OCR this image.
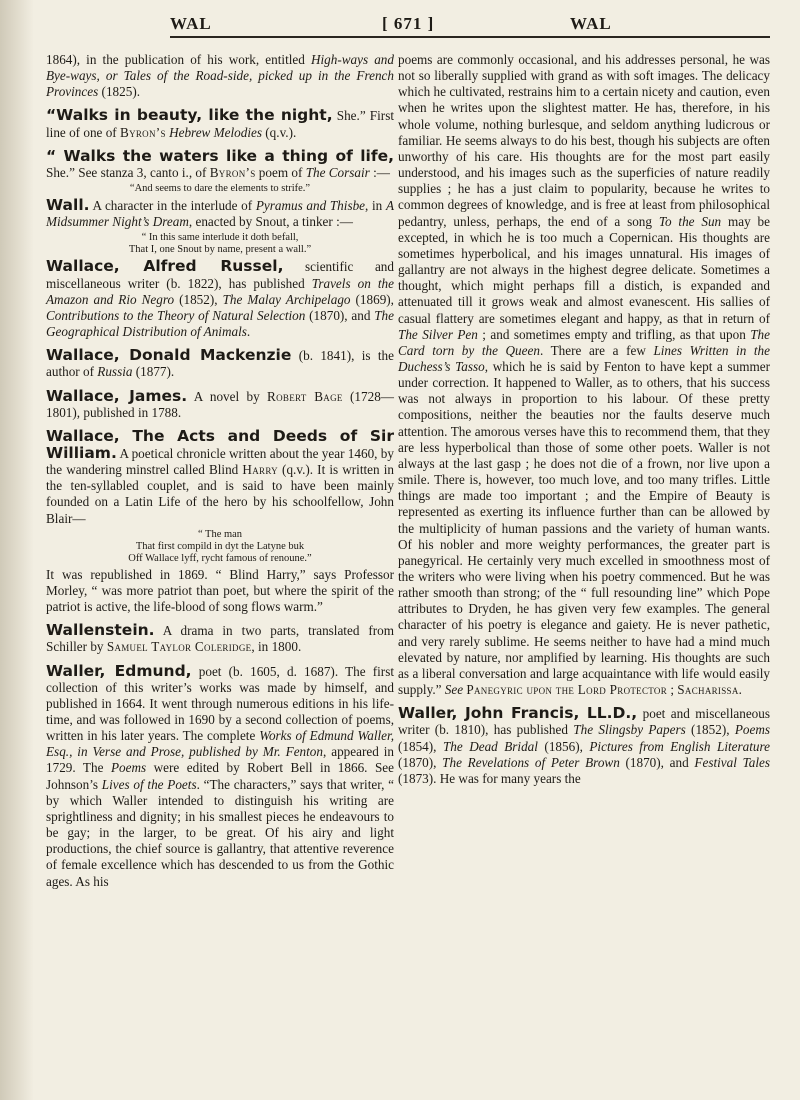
WAL	[ 671 ]	WAL

1864), in the publication of his work, entitled High-ways and Bye-ways, or Tales of the Road-side, picked up in the French Provinces (1825).

“Walks in beauty, like the night, She.” First line of one of Byron’s Hebrew Melodies (q.v.).

“ Walks the waters like a thing of life, She.” See stanza 3, canto i., of Byron’s poem of The Corsair :—

“And seems to dare the elements to strife.”

Wall. A character in the interlude of Pyramus and Thisbe, in A Midsummer Night’s Dream, enacted by Snout, a tinker :—

“ In this same interlude it doth befall,
That I, one Snout by name, present a wall.”

Wallace, Alfred Russel, scientific and miscellaneous writer (b. 1822), has published Travels on the Amazon and Rio Negro (1852), The Malay Archipelago (1869), Contributions to the Theory of Natural Selection (1870), and The Geographical Distribution of Animals.

Wallace, Donald Mackenzie (b. 1841), is the author of Russia (1877).

Wallace, James. A novel by Robert Bage (1728—1801), published in 1788.

Wallace, The Acts and Deeds of Sir William. A poetical chronicle written about the year 1460, by the wandering minstrel called Blind Harry (q.v.). It is written in the ten-syllabled couplet, and is said to have been mainly founded on a Latin Life of the hero by his schoolfellow, John Blair—

“ The man
That first compild in dyt the Latyne buk
Off Wallace lyff, rycht famous of renoune.”

It was republished in 1869. “ Blind Harry,” says Professor Morley, “ was more patriot than poet, but where the spirit of the patriot is active, the life-blood of song flows warm.”

Wallenstein. A drama in two parts, translated from Schiller by Samuel Taylor Coleridge, in 1800.

Waller, Edmund, poet (b. 1605, d. 1687). The first collection of this writer’s works was made by himself, and published in 1664. It went through numerous editions in his life-time, and was followed in 1690 by a second collection of poems, written in his later years. The complete Works of Edmund Waller, Esq., in Verse and Prose, published by Mr. Fenton, appeared in 1729. The Poems were edited by Robert Bell in 1866. See Johnson’s Lives of the Poets. “The characters,” says that writer, “ by which Waller intended to distinguish his writing are sprightliness and dignity; in his smallest pieces he endeavours to be gay; in the larger, to be great. Of his airy and light productions, the chief source is gallantry, that attentive reverence of female excellence which has descended to us from the Gothic ages. As his

poems are commonly occasional, and his addresses personal, he was not so liberally supplied with grand as with soft images. The delicacy which he cultivated, restrains him to a certain nicety and caution, even when he writes upon the slightest matter. He has, therefore, in his whole volume, nothing burlesque, and seldom anything ludicrous or familiar. He seems always to do his best, though his subjects are often unworthy of his care. His thoughts are for the most part easily understood, and his images such as the superficies of nature readily supplies ; he has a just claim to popularity, because he writes to common degrees of knowledge, and is free at least from philosophical pedantry, unless, perhaps, the end of a song To the Sun may be excepted, in which he is too much a Copernican. His thoughts are sometimes hyperbolical, and his images unnatural. His images of gallantry are not always in the highest degree delicate. Sometimes a thought, which might perhaps fill a distich, is expanded and attenuated till it grows weak and almost evanescent. His sallies of casual flattery are sometimes elegant and happy, as that in return of The Silver Pen ; and sometimes empty and trifling, as that upon The Card torn by the Queen. There are a few Lines Written in the Duchess’s Tasso, which he is said by Fenton to have kept a summer under correction. It happened to Waller, as to others, that his success was not always in proportion to his labour. Of these pretty compositions, neither the beauties nor the faults deserve much attention. The amorous verses have this to recommend them, that they are less hyperbolical than those of some other poets. Waller is not always at the last gasp ; he does not die of a frown, nor live upon a smile. There is, however, too much love, and too many trifles. Little things are made too important ; and the Empire of Beauty is represented as exerting its influence further than can be allowed by the multiplicity of human passions and the variety of human wants. Of his nobler and more weighty performances, the greater part is panegyrical. He certainly very much excelled in smoothness most of the writers who were living when his poetry commenced. But he was rather smooth than strong; of the “ full resounding line” which Pope attributes to Dryden, he has given very few examples. The general character of his poetry is elegance and gaiety. He is never pathetic, and very rarely sublime. He seems neither to have had a mind much elevated by nature, nor amplified by learning. His thoughts are such as a liberal conversation and large acquaintance with life would easily supply.” See Panegyric upon the Lord Protector ; Sacharissa.

Waller, John Francis, LL.D., poet and miscellaneous writer (b. 1810), has published The Slingsby Papers (1852), Poems (1854), The Dead Bridal (1856), Pictures from English Literature (1870), The Revelations of Peter Brown (1870), and Festival Tales (1873). He was for many years the
